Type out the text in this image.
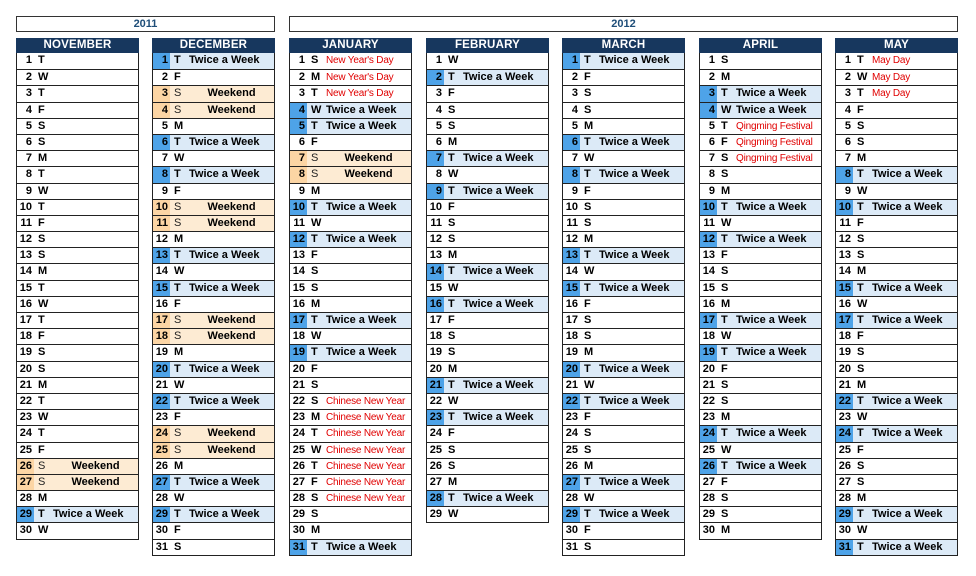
2011	2012
NOVEMBER
1 T
2 W
3 T
4 F
5 S
6 S
7 M
8 T
9 W
10 T
11 F
12 S
13 S
14 M
15 T
16 W
17 T
18 F
19 S
20 S
21 M
22 T
23 W
24 T
25 F
26 S	Weekend
27 S	Weekend
28 M
29 T Twice a Week
30 W
DECEMBER
1 T Twice a Week
2 F
3 S	Weekend
4 S	Weekend
5 M
6 T Twice a Week
7 W
8 T Twice a Week
9 F
10 S	Weekend
11 S	Weekend
12 M
13 T Twice a Week
14 W
15 T Twice a Week
16 F
17 S	Weekend
18 S	Weekend
19 M
20 T Twice a Week
21 W
22 T Twice a Week
23 F
24 S	Weekend
25 S	Weekend
26 M
27 T Twice a Week
28 W
29 T Twice a Week
30 F
31 S
JANUARY
1 S New Year's Day
2 M New Year's Day
3 T New Year's Day
4 W Twice a Week
5 T Twice a Week
6 F
7 S	Weekend
8 S	Weekend
9 M
10 T Twice a Week
11 W
12 T Twice a Week
13 F
14 S
15 S
16 M
17 T Twice a Week
18 W
19 T Twice a Week
20 F
21 S
22 S Chinese New Year
23 M Chinese New Year
24 T Chinese New Year
25 W Chinese New Year
26 T Chinese New Year
27 F Chinese New Year
28 S Chinese New Year
29 S
30 M
31 T Twice a Week
FEBRUARY
1 W
2 T Twice a Week
3 F
4 S
5 S
6 M
7 T Twice a Week
8 W
9 T Twice a Week
10 F
11 S
12 S
13 M
14 T Twice a Week
15 W
16 T Twice a Week
17 F
18 S
19 S
20 M
21 T Twice a Week
22 W
23 T Twice a Week
24 F
25 S
26 S
27 M
28 T Twice a Week
29 W
MARCH
1 T Twice a Week
2 F
3 S
4 S
5 M
6 T Twice a Week
7 W
8 T Twice a Week
9 F
10 S
11 S
12 M
13 T Twice a Week
14 W
15 T Twice a Week
16 F
17 S
18 S
19 M
20 T Twice a Week
21 W
22 T Twice a Week
23 F
24 S
25 S
26 M
27 T Twice a Week
28 W
29 T Twice a Week
30 F
31 S
APRIL
1 S
2 M
3 T Twice a Week
4 W Twice a Week
5 T Qingming Festival
6 F Qingming Festival
7 S Qingming Festival
8 S
9 M
10 T Twice a Week
11 W
12 T Twice a Week
13 F
14 S
15 S
16 M
17 T Twice a Week
18 W
19 T Twice a Week
20 F
21 S
22 S
23 M
24 T Twice a Week
25 W
26 T Twice a Week
27 F
28 S
29 S
30 M
MAY
1 T May Day
2 W May Day
3 T May Day
4 F
5 S
6 S
7 M
8 T Twice a Week
9 W
10 T Twice a Week
11 F
12 S
13 S
14 M
15 T Twice a Week
16 W
17 T Twice a Week
18 F
19 S
20 S
21 M
22 T Twice a Week
23 W
24 T Twice a Week
25 F
26 S
27 S
28 M
29 T Twice a Week
30 W
31 T Twice a Week
